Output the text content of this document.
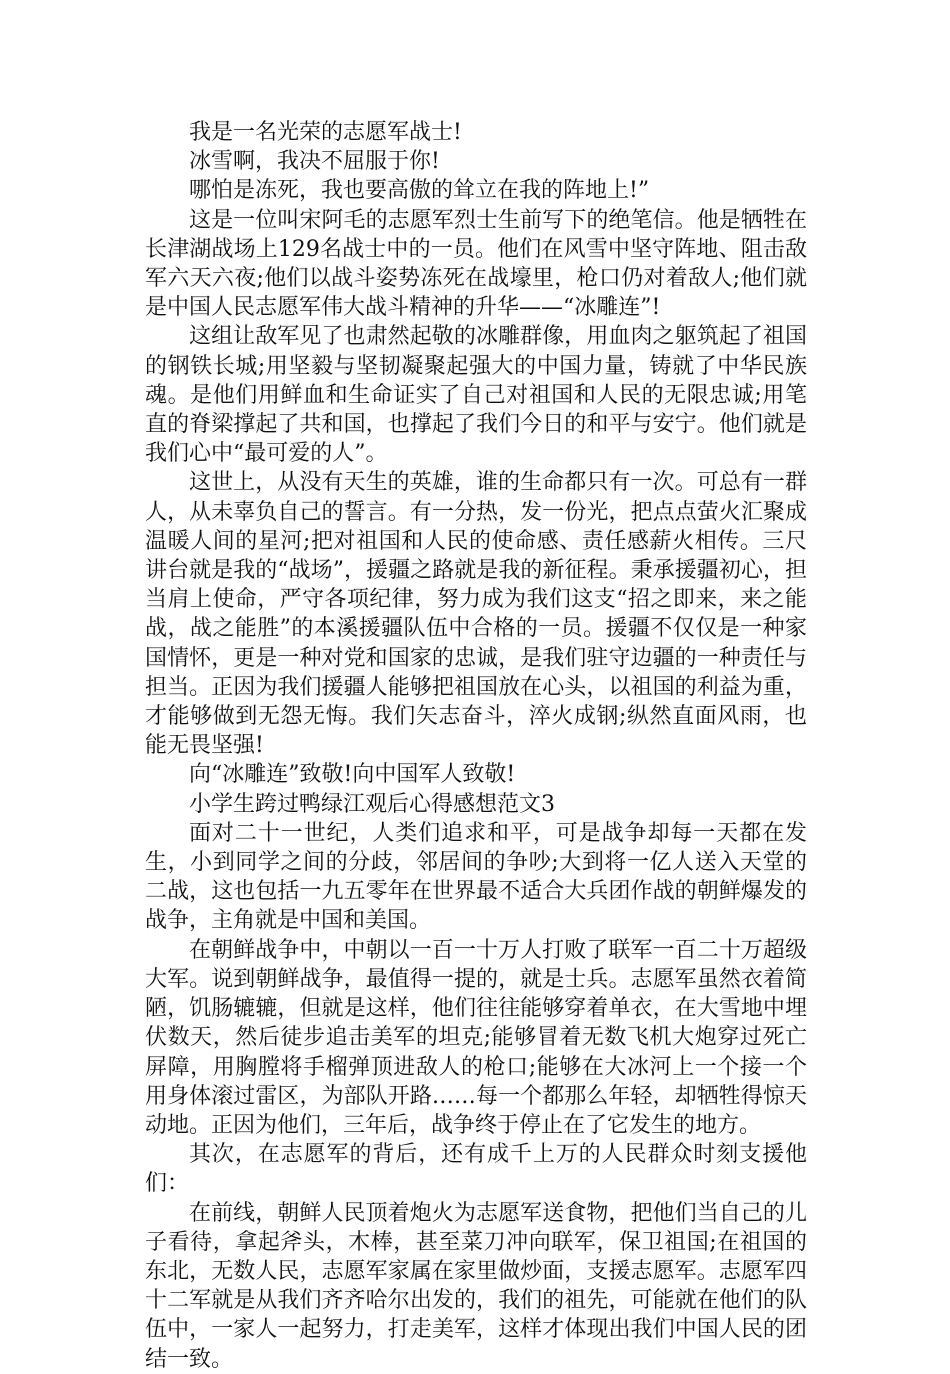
我是一名光荣的志愿军战士!

冰雪啊，我决不屈服于你!

哪怕是冻死，我也要高傲的耸立在我的阵地上!”

这是一位叫宋阿毛的志愿军烈士生前写下的绝笔信。他是牺牲在长津湖战场上129名战士中的一员。他们在风雪中坚守阵地、阻击敌军六天六夜;他们以战斗姿势冻死在战壕里，枪口仍对着敌人;他们就是中国人民志愿军伟大战斗精神的升华——“冰雕连”!

这组让敌军见了也肃然起敬的冰雕群像，用血肉之躯筑起了祖国的钢铁长城;用坚毅与坚韧凝聚起强大的中国力量，铸就了中华民族魂。是他们用鲜血和生命证实了自己对祖国和人民的无限忠诚;用笔直的脊梁撑起了共和国，也撑起了我们今日的和平与安宁。他们就是我们心中“最可爱的人”。

这世上，从没有天生的英雄，谁的生命都只有一次。可总有一群人，从未辜负自己的誓言。有一分热，发一份光，把点点萤火汇聚成温暖人间的星河;把对祖国和人民的使命感、责任感薪火相传。三尺讲台就是我的“战场”，援疆之路就是我的新征程。秉承援疆初心，担当肩上使命，严守各项纪律，努力成为我们这支“招之即来，来之能战，战之能胜”的本溪援疆队伍中合格的一员。援疆不仅仅是一种家国情怀，更是一种对党和国家的忠诚，是我们驻守边疆的一种责任与担当。正因为我们援疆人能够把祖国放在心头，以祖国的利益为重，才能够做到无怨无悔。我们矢志奋斗，淬火成钢;纵然直面风雨，也能无畏坚强!

向“冰雕连”致敬!向中国军人致敬!

小学生跨过鸭绿江观后心得感想范文3

面对二十一世纪，人类们追求和平，可是战争却每一天都在发生，小到同学之间的分歧，邻居间的争吵;大到将一亿人送入天堂的二战，这也包括一九五零年在世界最不适合大兵团作战的朝鲜爆发的战争，主角就是中国和美国。

在朝鲜战争中，中朝以一百一十万人打败了联军一百二十万超级大军。说到朝鲜战争，最值得一提的，就是士兵。志愿军虽然衣着简陋，饥肠辘辘，但就是这样，他们往往能够穿着单衣，在大雪地中埋伏数天，然后徒步追击美军的坦克;能够冒着无数飞机大炮穿过死亡屏障，用胸膛将手榴弹顶进敌人的枪口;能够在大冰河上一个接一个用身体滚过雷区，为部队开路……每一个都那么年轻，却牺牲得惊天动地。正因为他们，三年后，战争终于停止在了它发生的地方。

其次，在志愿军的背后，还有成千上万的人民群众时刻支援他们：

在前线，朝鲜人民顶着炮火为志愿军送食物，把他们当自己的儿子看待，拿起斧头，木棒，甚至菜刀冲向联军，保卫祖国;在祖国的东北，无数人民，志愿军家属在家里做炒面，支援志愿军。志愿军四十二军就是从我们齐齐哈尔出发的，我们的祖先，可能就在他们的队伍中，一家人一起努力，打走美军，这样才体现出我们中国人民的团结一致。
